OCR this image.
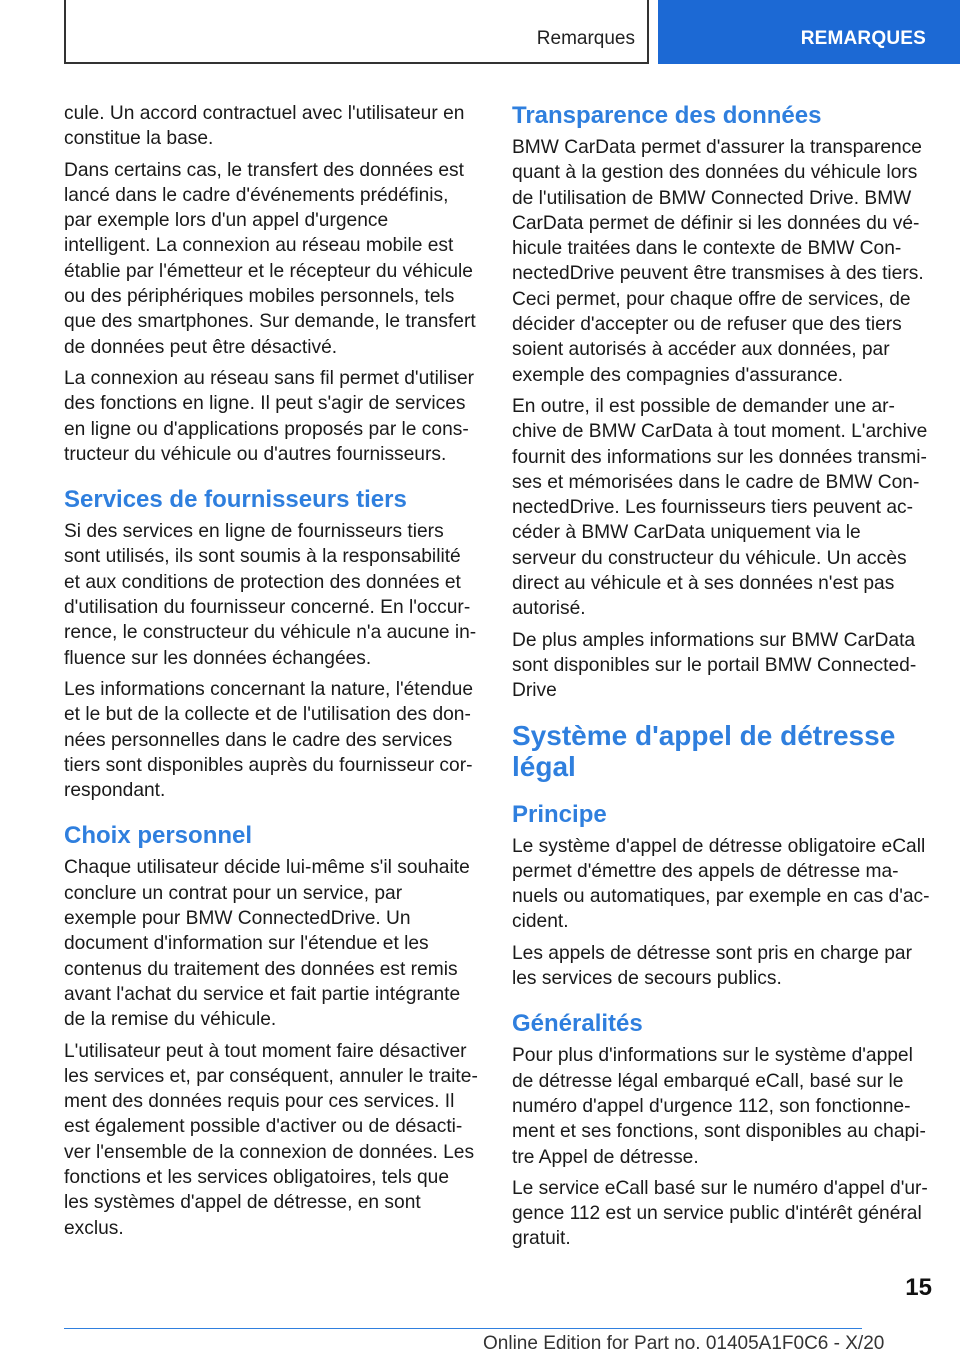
Remarques	REMARQUES

cule. Un accord contractuel avec l'utilisateur en constitue la base.

Dans certains cas, le transfert des données est lancé dans le cadre d'événements prédéfinis, par exemple lors d'un appel d'urgence intelligent. La connexion au réseau mobile est établie par l'émetteur et le récepteur du véhicule ou des périphériques mobiles personnels, tels que des smartphones. Sur demande, le transfert de données peut être désactivé.

La connexion au réseau sans fil permet d'utiliser des fonctions en ligne. Il peut s'agir de services en ligne ou d'applications proposés par le constructeur du véhicule ou d'autres fournisseurs.

Services de fournisseurs tiers

Si des services en ligne de fournisseurs tiers sont utilisés, ils sont soumis à la responsabilité et aux conditions de protection des données et d'utilisation du fournisseur concerné. En l'occurrence, le constructeur du véhicule n'a aucune influence sur les données échangées.

Les informations concernant la nature, l'étendue et le but de la collecte et de l'utilisation des données personnelles dans le cadre des services tiers sont disponibles auprès du fournisseur correspondant.

Choix personnel

Chaque utilisateur décide lui-même s'il souhaite conclure un contrat pour un service, par exemple pour BMW ConnectedDrive. Un document d'information sur l'étendue et les contenus du traitement des données est remis avant l'achat du service et fait partie intégrante de la remise du véhicule.

L'utilisateur peut à tout moment faire désactiver les services et, par conséquent, annuler le traitement des données requis pour ces services. Il est également possible d'activer ou de désactiver l'ensemble de la connexion de données. Les fonctions et les services obligatoires, tels que les systèmes d'appel de détresse, en sont exclus.

Transparence des données

BMW CarData permet d'assurer la transparence quant à la gestion des données du véhicule lors de l'utilisation de BMW Connected Drive. BMW CarData permet de définir si les données du véhicule traitées dans le contexte de BMW ConnectedDrive peuvent être transmises à des tiers. Ceci permet, pour chaque offre de services, de décider d'accepter ou de refuser que des tiers soient autorisés à accéder aux données, par exemple des compagnies d'assurance.

En outre, il est possible de demander une archive de BMW CarData à tout moment. L'archive fournit des informations sur les données transmises et mémorisées dans le cadre de BMW ConnectedDrive. Les fournisseurs tiers peuvent accéder à BMW CarData uniquement via le serveur du constructeur du véhicule. Un accès direct au véhicule et à ses données n'est pas autorisé.

De plus amples informations sur BMW CarData sont disponibles sur le portail BMW ConnectedDrive

Système d'appel de détresse légal
Principe

Le système d'appel de détresse obligatoire eCall permet d'émettre des appels de détresse manuels ou automatiques, par exemple en cas d'accident.

Les appels de détresse sont pris en charge par les services de secours publics.

Généralités

Pour plus d'informations sur le système d'appel de détresse légal embarqué eCall, basé sur le numéro d'appel d'urgence 112, son fonctionnement et ses fonctions, sont disponibles au chapitre Appel de détresse.

Le service eCall basé sur le numéro d'appel d'urgence 112 est un service public d'intérêt général gratuit.

15
Online Edition for Part no. 01405A1F0C6 - X/20
